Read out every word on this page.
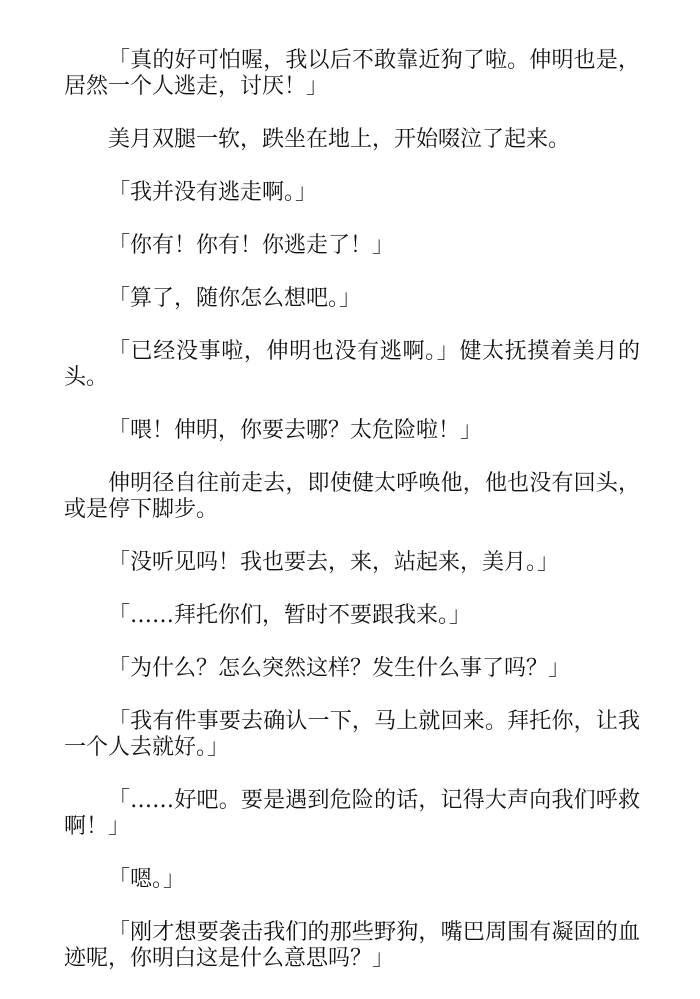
「真的好可怕喔，我以后不敢靠近狗了啦。伸明也是，居然一个人逃走，讨厌！」

美月双腿一软，跌坐在地上，开始啜泣了起来。

「我并没有逃走啊。」

「你有！你有！你逃走了！」

「算了，随你怎么想吧。」

「已经没事啦，伸明也没有逃啊。」健太抚摸着美月的头。

「喂！伸明，你要去哪？太危险啦！」

伸明径自往前走去，即使健太呼唤他，他也没有回头，或是停下脚步。

「没听见吗！我也要去，来，站起来，美月。」

「……拜托你们，暂时不要跟我来。」

「为什么？怎么突然这样？发生什么事了吗？」

「我有件事要去确认一下，马上就回来。拜托你，让我一个人去就好。」

「……好吧。要是遇到危险的话，记得大声向我们呼救啊！」

「嗯。」

「刚才想要袭击我们的那些野狗，嘴巴周围有凝固的血迹呢，你明白这是什么意思吗？」
